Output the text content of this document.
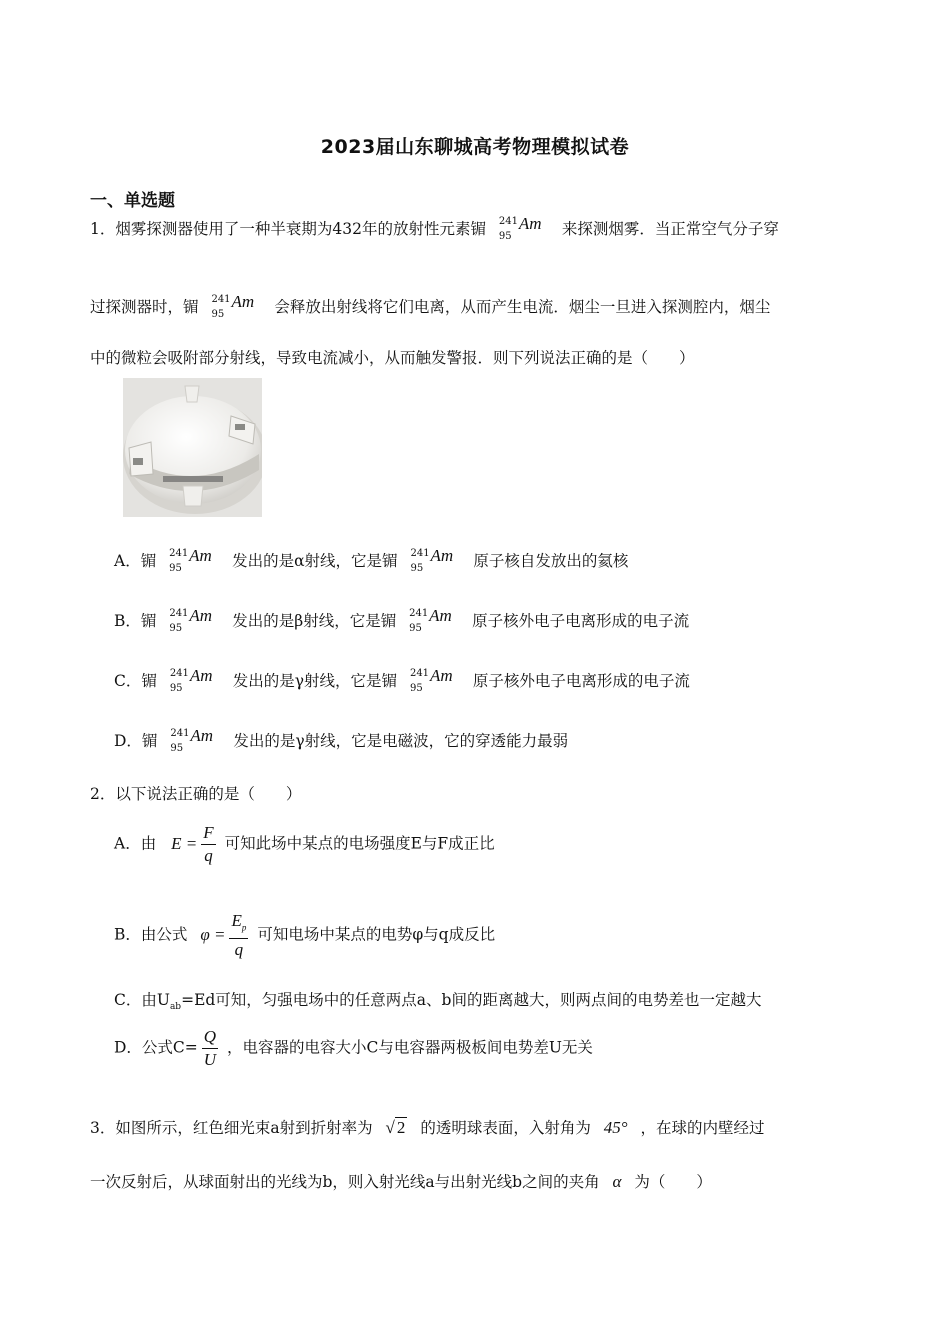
2023届山东聊城高考物理模拟试卷
一、单选题
1．烟雾探测器使用了一种半衰期为432年的放射性元素镅 241
95
Am 来探测烟雾．当正常空气分子穿
过探测器时，镅 241
95
Am 会释放出射线将它们电离，从而产生电流．烟尘一旦进入探测腔内，烟尘
中的微粒会吸附部分射线，导致电流减小，从而触发警报．则下列说法正确的是（　　）
A．镅 241
95
Am 发出的是α射线，它是镅 241
95
Am 原子核自发放出的氦核
B．镅 241
95
Am 发出的是β射线，它是镅 241
95
Am 原子核外电子电离形成的电子流
C．镅 241
95
Am 发出的是γ射线，它是镅 241
95
Am 原子核外电子电离形成的电子流
D．镅 241
95
Am 发出的是γ射线，它是电磁波，它的穿透能力最弱
2．以下说法正确的是（　　）
A．由 $E = \frac{F}{q}$ 可知此场中某点的电场强度E与F成正比
B．由公式 $\varphi = \frac{E_p}{q}$ 可知电场中某点的电势φ与q成反比
C．由$U_{ab}=Ed$可知，匀强电场中的任意两点a、b间的距离越大，则两点间的电势差也一定越大
D．公式$C= \frac{Q}{U}$ ，电容器的电容大小C与电容器两极板间电势差U无关
3．如图所示，红色细光束a射到折射率为 √ 2 的透明球表面，入射角为 45° ，在球的内壁经过
一次反射后，从球面射出的光线为b，则入射光线a与出射光线b之间的夹角 α 为（　　）
